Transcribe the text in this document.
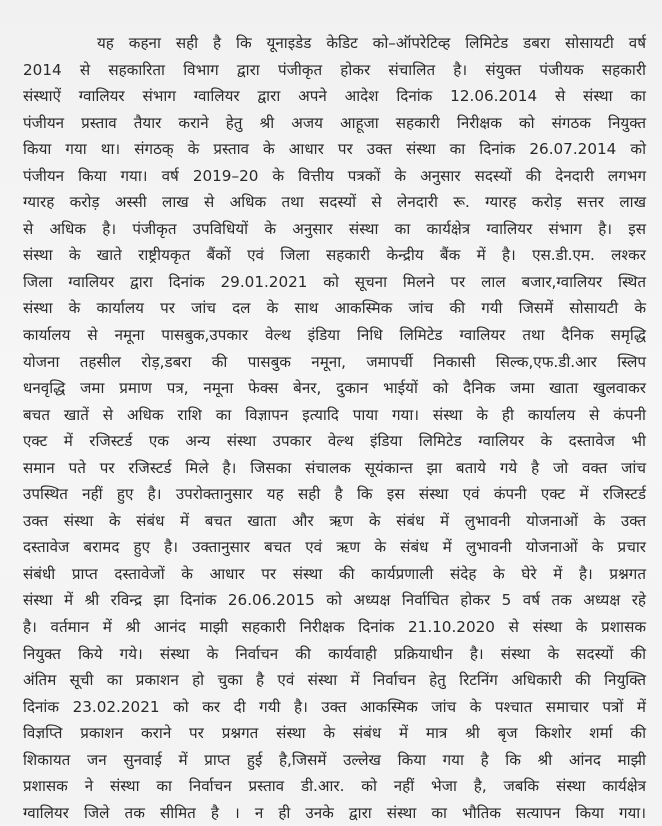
यह कहना सही है कि यूनाइडेड केडिट को–ऑपरेटिव्ह लिमिटेड डबरा सोसायटी वर्ष
2014 से सहकारिता विभाग द्वारा पंजीकृत होकर संचालित है। संयुक्त पंजीयक सहकारी
संस्थाऐं ग्वालियर संभाग ग्वालियर द्वारा अपने आदेश दिनांक 12.06.2014 से संस्था का
पंजीयन प्रस्ताव तैयार कराने हेतु श्री अजय आहूजा सहकारी निरीक्षक को संगठक नियुक्त
किया गया था। संगठक् के प्रस्ताव के आधार पर उक्त संस्था का दिनांक 26.07.2014 को
पंजीयन किया गया। वर्ष 2019–20 के वित्तीय पत्रकों के अनुसार सदस्यों की देनदारी लगभग
ग्यारह करोड़ अस्सी लाख से अधिक तथा सदस्यों से लेनदारी रू. ग्यारह करोड़ सत्तर लाख
से अधिक है। पंजीकृत उपविधियों के अनुसार संस्था का कार्यक्षेत्र ग्वालियर संभाग है। इस
संस्था के खाते राष्ट्रीयकृत बैंकों एवं जिला सहकारी केन्द्रीय बैंक में है। एस.डी.एम. लश्कर
जिला ग्वालियर द्वारा दिनांक 29.01.2021 को सूचना मिलने पर लाल बजार,ग्वालियर स्थित
संस्था के कार्यालय पर जांच दल के साथ आकस्मिक जांच की गयी जिसमें सोसायटी के
कार्यालय से नमूना पासबुक,उपकार वेल्थ इंडिया निधि लिमिटेड ग्वालियर तथा दैनिक समृद्धि
योजना तहसील रोड़,डबरा की पासबुक नमूना, जमापर्ची निकासी सिल्क,एफ.डी.आर स्लिप
धनवृद्धि जमा प्रमाण पत्र, नमूना फेक्स बेनर, दुकान भाईयों को दैनिक जमा खाता खुलवाकर
बचत खातें से अधिक राशि का विज्ञापन इत्यादि पाया गया। संस्था के ही कार्यालय से कंपनी
एक्ट में रजिस्टर्ड एक अन्य संस्था उपकार वेल्थ इंडिया लिमिटेड ग्वालियर के दस्तावेज भी
समान पते पर रजिस्टर्ड मिले है। जिसका संचालक सूयंकान्त झा बताये गये है जो वक्त जांच
उपस्थित नहीं हुए है। उपरोक्तानुसार यह सही है कि इस संस्था एवं कंपनी एक्ट में रजिस्टर्ड
उक्त संस्था के संबंध में बचत खाता और ऋण के संबंध में लुभावनी योजनाओं के उक्त
दस्तावेज बरामद हुए है। उक्तानुसार बचत एवं ऋण के संबंध में लुभावनी योजनाओं के प्रचार
संबंधी प्राप्त दस्तावेजों के आधार पर संस्था की कार्यप्रणाली संदेह के घेरे में है। प्रश्नगत
संस्था में श्री रविन्द्र झा दिनांक 26.06.2015 को अध्यक्ष निर्वाचित होकर 5 वर्ष तक अध्यक्ष रहे
है। वर्तमान में श्री आनंद माझी सहकारी निरीक्षक दिनांक 21.10.2020 से संस्था के प्रशासक
नियुक्त किये गये। संस्था के निर्वाचन की कार्यवाही प्रक्रियाधीन है। संस्था के सदस्यों की
अंतिम सूची का प्रकाशन हो चुका है एवं संस्था में निर्वाचन हेतु रिटनिंग अधिकारी की नियुक्ति
दिनांक 23.02.2021 को कर दी गयी है। उक्त आकस्मिक जांच के पश्चात समाचार पत्रों में
विज्ञप्ति प्रकाशन कराने पर प्रश्नगत संस्था के संबंध में मात्र श्री बृज किशोर शर्मा की
शिकायत जन सुनवाई में प्राप्त हुई है,जिसमें उल्लेख किया गया है कि श्री आंनद माझी
प्रशासक ने संस्था का निर्वाचन प्रस्ताव डी.आर. को नहीं भेजा है, जबकि संस्था कार्यक्षेत्र
ग्वालियर जिले तक सीमित है । न ही उनके द्वारा संस्था का भौतिक सत्यापन किया गया।
